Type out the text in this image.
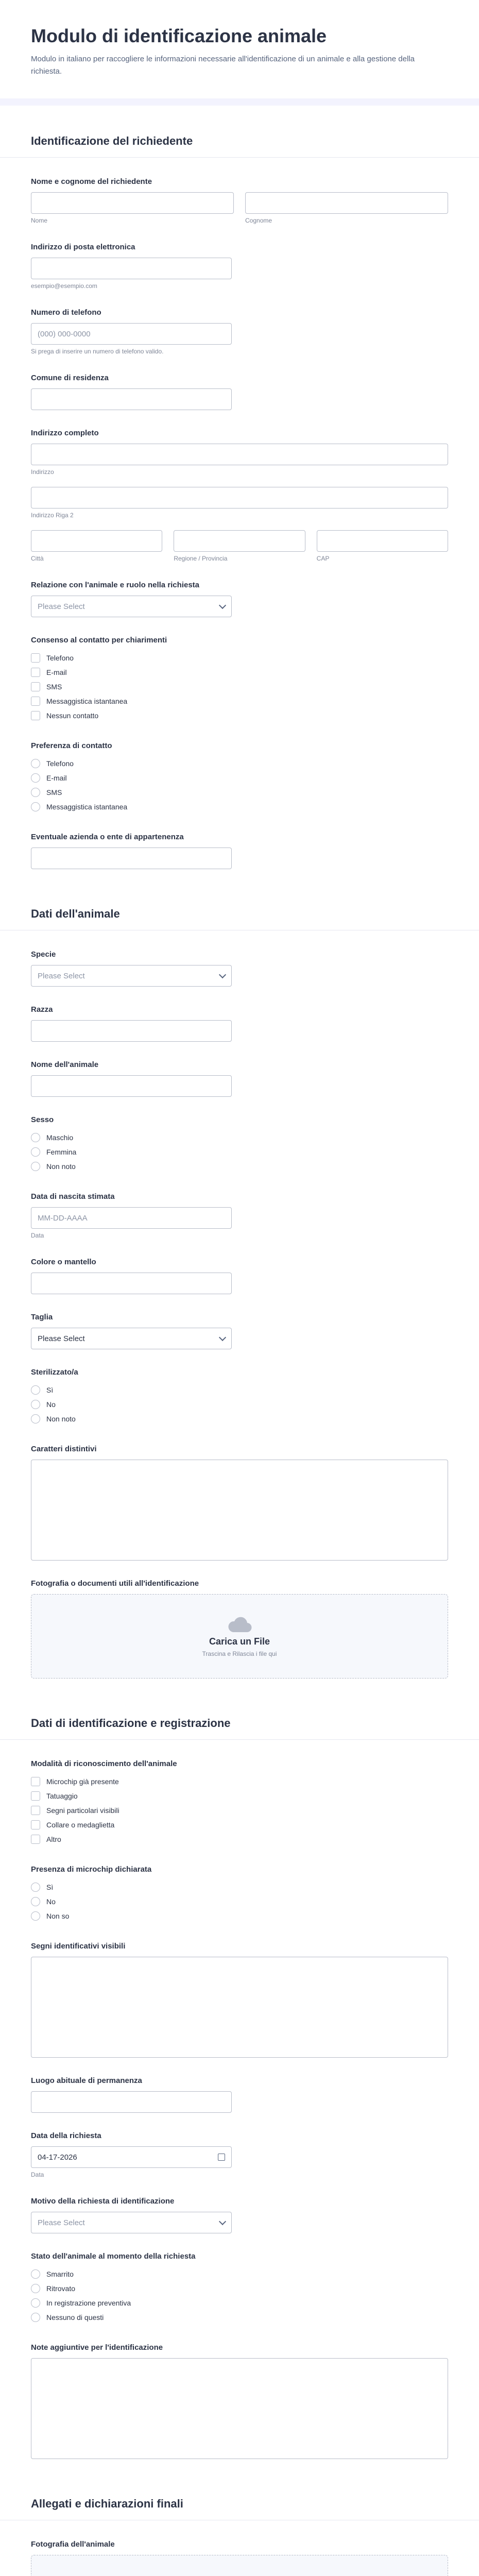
Modulo di identificazione animale

Modulo in italiano per raccogliere le informazioni necessarie all'identificazione di un animale e alla gestione della richiesta.

Identificazione del richiedente
Nome e cognome del richiedente
Nome	Cognome
Indirizzo di posta elettronica
esempio@esempio.com
Numero di telefono
(000) 000-0000
Si prega di inserire un numero di telefono valido.
Comune di residenza
Indirizzo completo
Indirizzo
Indirizzo Riga 2
Città	Regione / Provincia	CAP
Relazione con l'animale e ruolo nella richiesta
Please Select
Consenso al contatto per chiarimenti
Telefono
E-mail
SMS
Messaggistica istantanea
Nessun contatto
Preferenza di contatto
Telefono
E-mail
SMS
Messaggistica istantanea
Eventuale azienda o ente di appartenenza
Dati dell'animale
Specie
Please Select
Razza
Nome dell'animale
Sesso
Maschio
Femmina
Non noto
Data di nascita stimata
MM-DD-AAAA
Data
Colore o mantello
Taglia
Please Select
Sterilizzato/a
Sì
No
Non noto
Caratteri distintivi
Fotografia o documenti utili all'identificazione
Carica un File
Trascina e Rilascia i file qui
Dati di identificazione e registrazione
Modalità di riconoscimento dell'animale
Microchip già presente
Tatuaggio
Segni particolari visibili
Collare o medaglietta
Altro
Presenza di microchip dichiarata
Sì
No
Non so
Segni identificativi visibili
Luogo abituale di permanenza
Data della richiesta
04-17-2026
Data
Motivo della richiesta di identificazione
Please Select
Stato dell'animale al momento della richiesta
Smarrito
Ritrovato
In registrazione preventiva
Nessuno di questi
Note aggiuntive per l'identificazione
Allegati e dichiarazioni finali
Fotografia dell'animale
